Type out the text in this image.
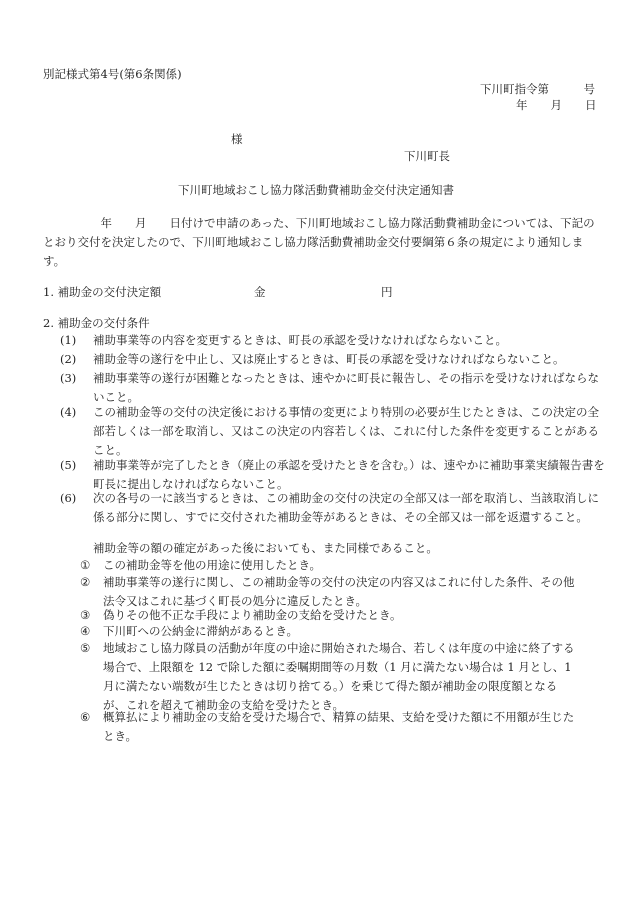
別記様式第4号(第6条関係)
下川町指令第　　　号
年　　月　　日
様
下川町長
下川町地域おこし協力隊活動費補助金交付決定通知書
　　　　　年　　月　　日付けで申請のあった、下川町地域おこし協力隊活動費補助金については、下記のとおり交付を決定したので、下川町地域おこし協力隊活動費補助金交付要綱第６条の規定により通知します。
1. 補助金の交付決定額	金	円
2. 補助金の交付条件
(1) 補助事業等の内容を変更するときは、町長の承認を受けなければならないこと。
(2) 補助金等の遂行を中止し、又は廃止するときは、町長の承認を受けなければならないこと。
(3) 補助事業等の遂行が困難となったときは、速やかに町長に報告し、その指示を受けなければならないこと。
(4) この補助金等の交付の決定後における事情の変更により特別の必要が生じたときは、この決定の全部若しくは一部を取消し、又はこの決定の内容若しくは、これに付した条件を変更することがあること。
(5) 補助事業等が完了したとき（廃止の承認を受けたときを含む。）は、速やかに補助事業実績報告書を町長に提出しなければならないこと。
(6) 次の各号の一に該当するときは、この補助金の交付の決定の全部又は一部を取消し、当該取消しに係る部分に関し、すでに交付された補助金等があるときは、その全部又は一部を返還すること。
補助金等の額の確定があった後においても、また同様であること。
① この補助金等を他の用途に使用したとき。
② 補助事業等の遂行に関し、この補助金等の交付の決定の内容又はこれに付した条件、その他法令又はこれに基づく町長の処分に違反したとき。
③ 偽りその他不正な手段により補助金の支給を受けたとき。
④ 下川町への公納金に滞納があるとき。
⑤ 地域おこし協力隊員の活動が年度の中途に開始された場合、若しくは年度の中途に終了する場合で、上限額を 12 で除した額に委嘱期間等の月数（1 月に満たない場合は 1 月とし、1 月に満たない端数が生じたときは切り捨てる。）を乗じて得た額が補助金の限度額となるが、これを超えて補助金の支給を受けたとき。
⑥ 概算払により補助金の支給を受けた場合で、精算の結果、支給を受けた額に不用額が生じたとき。
